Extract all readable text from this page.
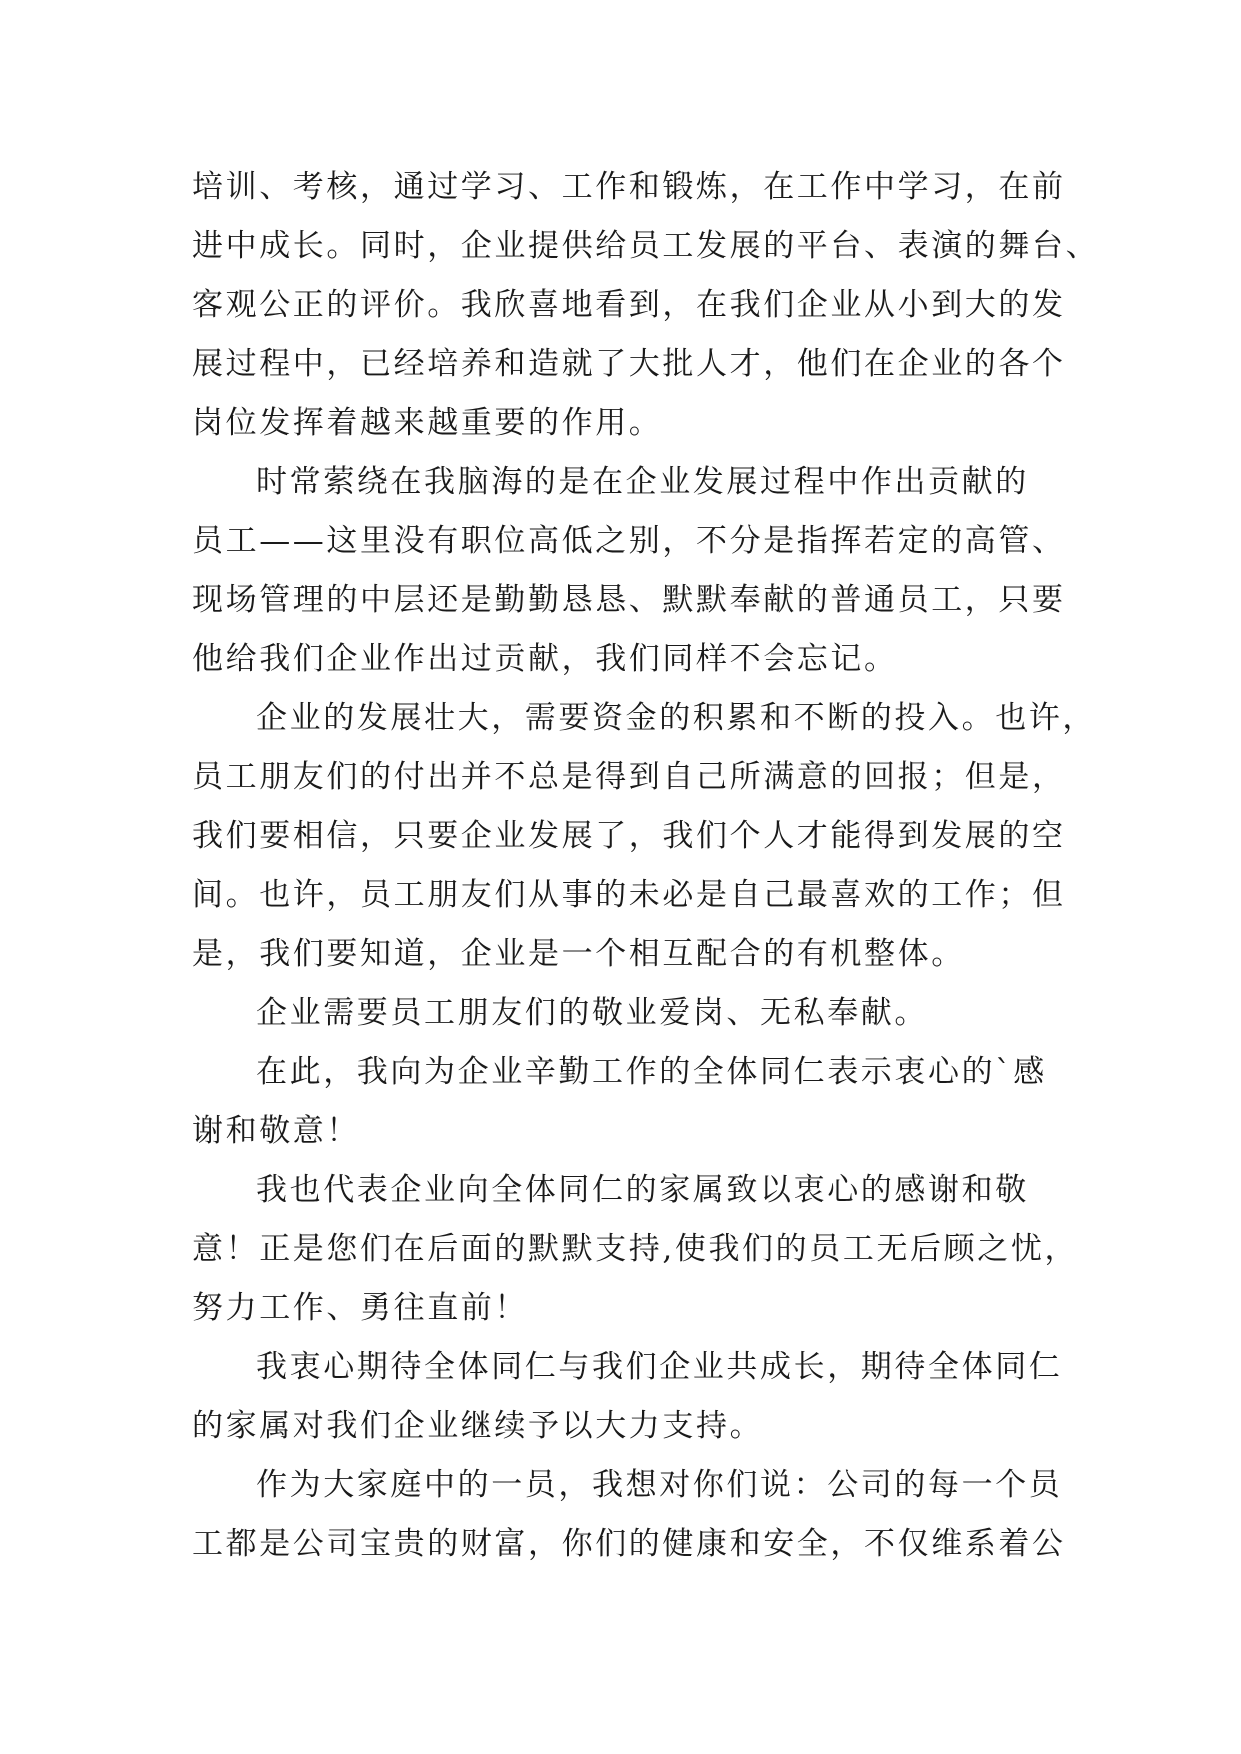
培训、考核，通过学习、工作和锻炼，在工作中学习，在前
进中成长。同时，企业提供给员工发展的平台、表演的舞台、
客观公正的评价。我欣喜地看到，在我们企业从小到大的发
展过程中，已经培养和造就了大批人才，他们在企业的各个
岗位发挥着越来越重要的作用。
时常萦绕在我脑海的是在企业发展过程中作出贡献的
员工——这里没有职位高低之别，不分是指挥若定的高管、
现场管理的中层还是勤勤恳恳、默默奉献的普通员工，只要
他给我们企业作出过贡献，我们同样不会忘记。
企业的发展壮大，需要资金的积累和不断的投入。也许，
员工朋友们的付出并不总是得到自己所满意的回报；但是，
我们要相信，只要企业发展了，我们个人才能得到发展的空
间。也许，员工朋友们从事的未必是自己最喜欢的工作；但
是，我们要知道，企业是一个相互配合的有机整体。
企业需要员工朋友们的敬业爱岗、无私奉献。
在此，我向为企业辛勤工作的全体同仁表示衷心的`感
谢和敬意！
我也代表企业向全体同仁的家属致以衷心的感谢和敬
意！正是您们在后面的默默支持,使我们的员工无后顾之忧，
努力工作、勇往直前！
我衷心期待全体同仁与我们企业共成长，期待全体同仁
的家属对我们企业继续予以大力支持。
作为大家庭中的一员，我想对你们说：公司的每一个员
工都是公司宝贵的财富，你们的健康和安全，不仅维系着公
